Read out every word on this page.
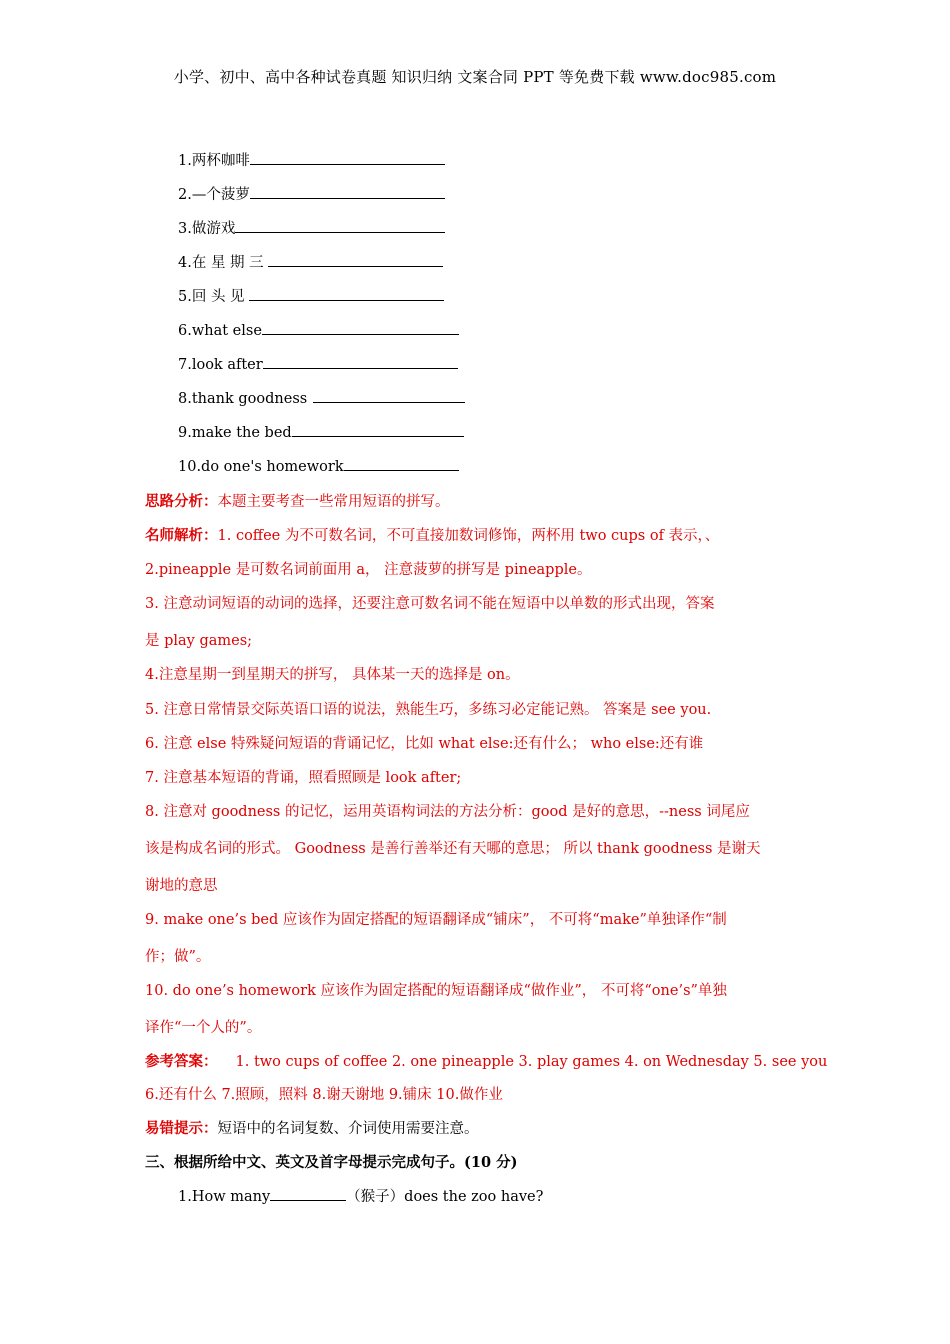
小学、初中、高中各种试卷真题 知识归纳 文案合同 PPT 等免费下载 www.doc985.com
1.两杯咖啡
2.—个菠萝
3.做游戏
4.在 星 期 三
5.回 头 见
6.what else
7.look after
8.thank goodness
9.make the bed
10.do one's homework
思路分析：本题主要考查一些常用短语的拼写。
名师解析：1. coffee 为不可数名词，不可直接加数词修饰，两杯用 two cups of 表示，、
2.pineapple 是可数名词前面用 a， 注意菠萝的拼写是 pineapple。
3. 注意动词短语的动词的选择，还要注意可数名词不能在短语中以单数的形式出现，答案
是 play games;
4.注意星期一到星期天的拼写， 具体某一天的选择是 on。
5. 注意日常情景交际英语口语的说法，熟能生巧，多练习必定能记熟。 答案是 see you.
6. 注意 else 特殊疑问短语的背诵记忆，比如 what else:还有什么； who else:还有谁
7. 注意基本短语的背诵，照看照顾是 look after;
8. 注意对 goodness 的记忆，运用英语构词法的方法分析：good 是好的意思，--ness 词尾应
该是构成名词的形式。 Goodness 是善行善举还有天哪的意思； 所以 thank goodness 是谢天
谢地的意思
9. make one’s bed 应该作为固定搭配的短语翻译成“铺床”， 不可将“make”单独译作“制
作；做”。
10. do one’s homework 应该作为固定搭配的短语翻译成“做作业”， 不可将“one’s”单独
译作“一个人的”。
参考答案： 1. two cups of coffee 2. one pineapple 3. play games 4. on Wednesday 5. see you
6.还有什么 7.照顾，照料 8.谢天谢地 9.铺床 10.做作业
易错提示：短语中的名词复数、介词使用需要注意。
三、根据所给中文、英文及首字母提示完成句子。(10 分)
1.How many	（猴子）does the zoo have?
